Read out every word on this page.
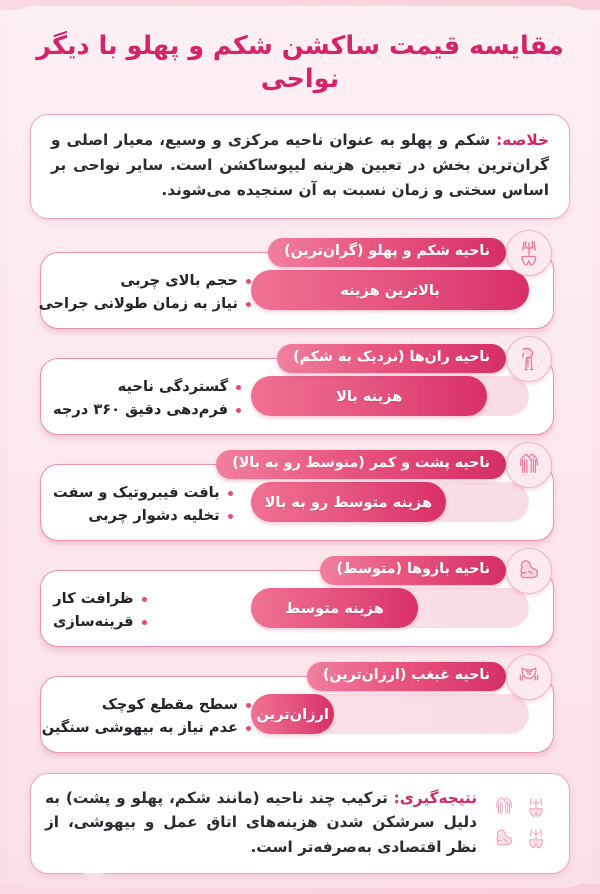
مقایسه قیمت ساکشن شکم و پهلو با دیگر نواحی
خلاصه: شکم و پهلو به عنوان ناحیه مرکزی و وسیع، معیار اصلی و گران‌ترین بخش در تعیین هزینه لیپوساکشن است. سایر نواحی بر اساس سختی و زمان نسبت به آن سنجیده می‌شوند.
ناحیه شکم و پهلو (گران‌ترین)
بالاترین هزینه
حجم بالای چربی
نیاز به زمان طولانی جراحی
ناحیه ران‌ها (نزدیک به شکم)
هزینه بالا
گستردگی ناحیه
فرم‌دهی دقیق ۳۶۰ درجه
ناحیه پشت و کمر (متوسط رو به بالا)
هزینه متوسط رو به بالا
بافت فیبروتیک و سفت
تخلیه دشوار چربی
ناحیه بازوها (متوسط)
هزینه متوسط
ظرافت کار
قرینه‌سازی
ناحیه غبغب (ارزان‌ترین)
ارزان‌ترین
سطح مقطع کوچک
عدم نیاز به بیهوشی سنگین
نتیجه‌گیری: ترکیب چند ناحیه (مانند شکم، پهلو و پشت) به دلیل سرشکن شدن هزینه‌های اتاق عمل و بیهوشی، از نظر اقتصادی به‌صرفه‌تر است.
